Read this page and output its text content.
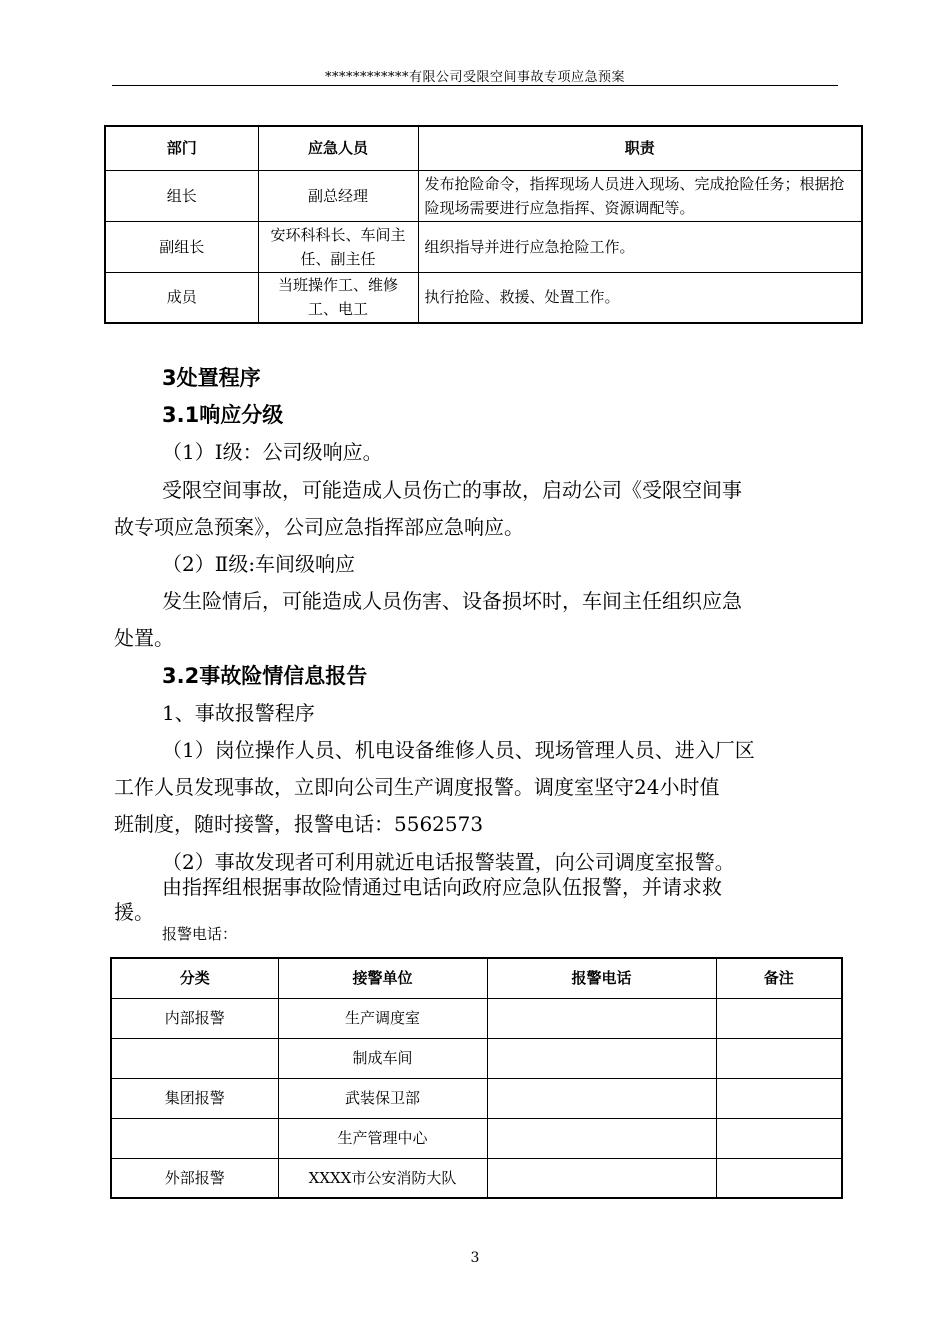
************有限公司受限空间事故专项应急预案
部门	应急人员	职责
组长	副总经理	发布抢险命令，指挥现场人员进入现场、完成抢险任务；根据抢险现场需要进行应急指挥、资源调配等。
副组长	安环科科长、车间主任、副主任	组织指导并进行应急抢险工作。
成员	当班操作工、维修工、电工	执行抢险、救援、处置工作。
3处置程序
3.1响应分级
（1）Ⅰ级：公司级响应。
受限空间事故，可能造成人员伤亡的事故，启动公司《受限空间事
故专项应急预案》，公司应急指挥部应急响应。
（2）Ⅱ级:车间级响应
发生险情后，可能造成人员伤害、设备损坏时，车间主任组织应急
处置。
3.2事故险情信息报告
1、事故报警程序
（1）岗位操作人员、机电设备维修人员、现场管理人员、进入厂区
工作人员发现事故，立即向公司生产调度报警。调度室坚守24小时值
班制度，随时接警，报警电话：5562573
（2）事故发现者可利用就近电话报警装置，向公司调度室报警。
由指挥组根据事故险情通过电话向政府应急队伍报警，并请求救
援。
报警电话：
分类	接警单位	报警电话	备注
内部报警	生产调度室		
	制成车间		
集团报警	武装保卫部		
	生产管理中心		
外部报警	XXXX市公安消防大队		
3
